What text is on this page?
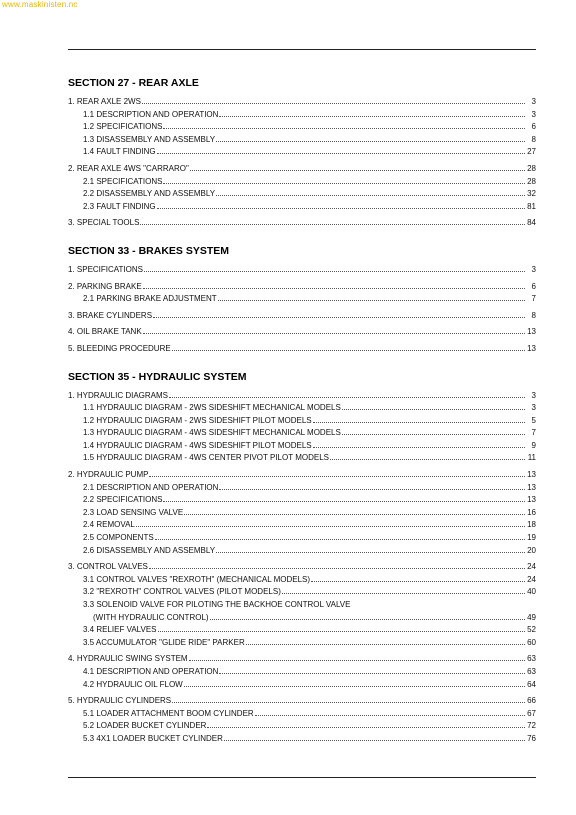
www.maskinisten.nc
SECTION 27 - REAR AXLE
1. REAR AXLE 2WS	3
1.1 DESCRIPTION AND OPERATION	3
1.2 SPECIFICATIONS	6
1.3 DISASSEMBLY AND ASSEMBLY	8
1.4 FAULT FINDING	27
2. REAR AXLE 4WS "CARRARO"	28
2.1 SPECIFICATIONS	28
2.2 DISASSEMBLY AND ASSEMBLY	32
2.3 FAULT FINDING	81
3. SPECIAL TOOLS	84
SECTION 33 - BRAKES SYSTEM
1. SPECIFICATIONS	3
2. PARKING BRAKE	6
2.1 PARKING BRAKE ADJUSTMENT	7
3. BRAKE CYLINDERS	8
4. OIL BRAKE TANK	13
5. BLEEDING PROCEDURE	13
SECTION 35 - HYDRAULIC SYSTEM
1. HYDRAULIC DIAGRAMS	3
1.1 HYDRAULIC DIAGRAM - 2WS SIDESHIFT MECHANICAL MODELS	3
1.2 HYDRAULIC DIAGRAM - 2WS SIDESHIFT PILOT MODELS	5
1.3 HYDRAULIC DIAGRAM - 4WS SIDESHIFT MECHANICAL MODELS	7
1.4 HYDRAULIC DIAGRAM - 4WS SIDESHIFT PILOT MODELS	9
1.5 HYDRAULIC DIAGRAM - 4WS CENTER PIVOT PILOT MODELS	11
2. HYDRAULIC PUMP	13
2.1 DESCRIPTION AND OPERATION	13
2.2 SPECIFICATIONS	13
2.3 LOAD SENSING VALVE	16
2.4 REMOVAL	18
2.5 COMPONENTS	19
2.6 DISASSEMBLY AND ASSEMBLY	20
3. CONTROL VALVES	24
3.1 CONTROL VALVES "REXROTH" (MECHANICAL MODELS)	24
3.2 "REXROTH" CONTROL VALVES (PILOT MODELS)	40
3.3 SOLENOID VALVE FOR PILOTING THE BACKHOE CONTROL VALVE
(WITH HYDRAULIC CONTROL)	49
3.4 RELIEF VALVES	52
3.5 ACCUMULATOR "GLIDE RIDE" PARKER	60
4. HYDRAULIC SWING SYSTEM	63
4.1 DESCRIPTION AND OPERATION	63
4.2 HYDRAULIC OIL FLOW	64
5. HYDRAULIC CYLINDERS	66
5.1 LOADER ATTACHMENT BOOM CYLINDER	67
5.2 LOADER BUCKET CYLINDER	72
5.3 4X1 LOADER BUCKET CYLINDER	76
